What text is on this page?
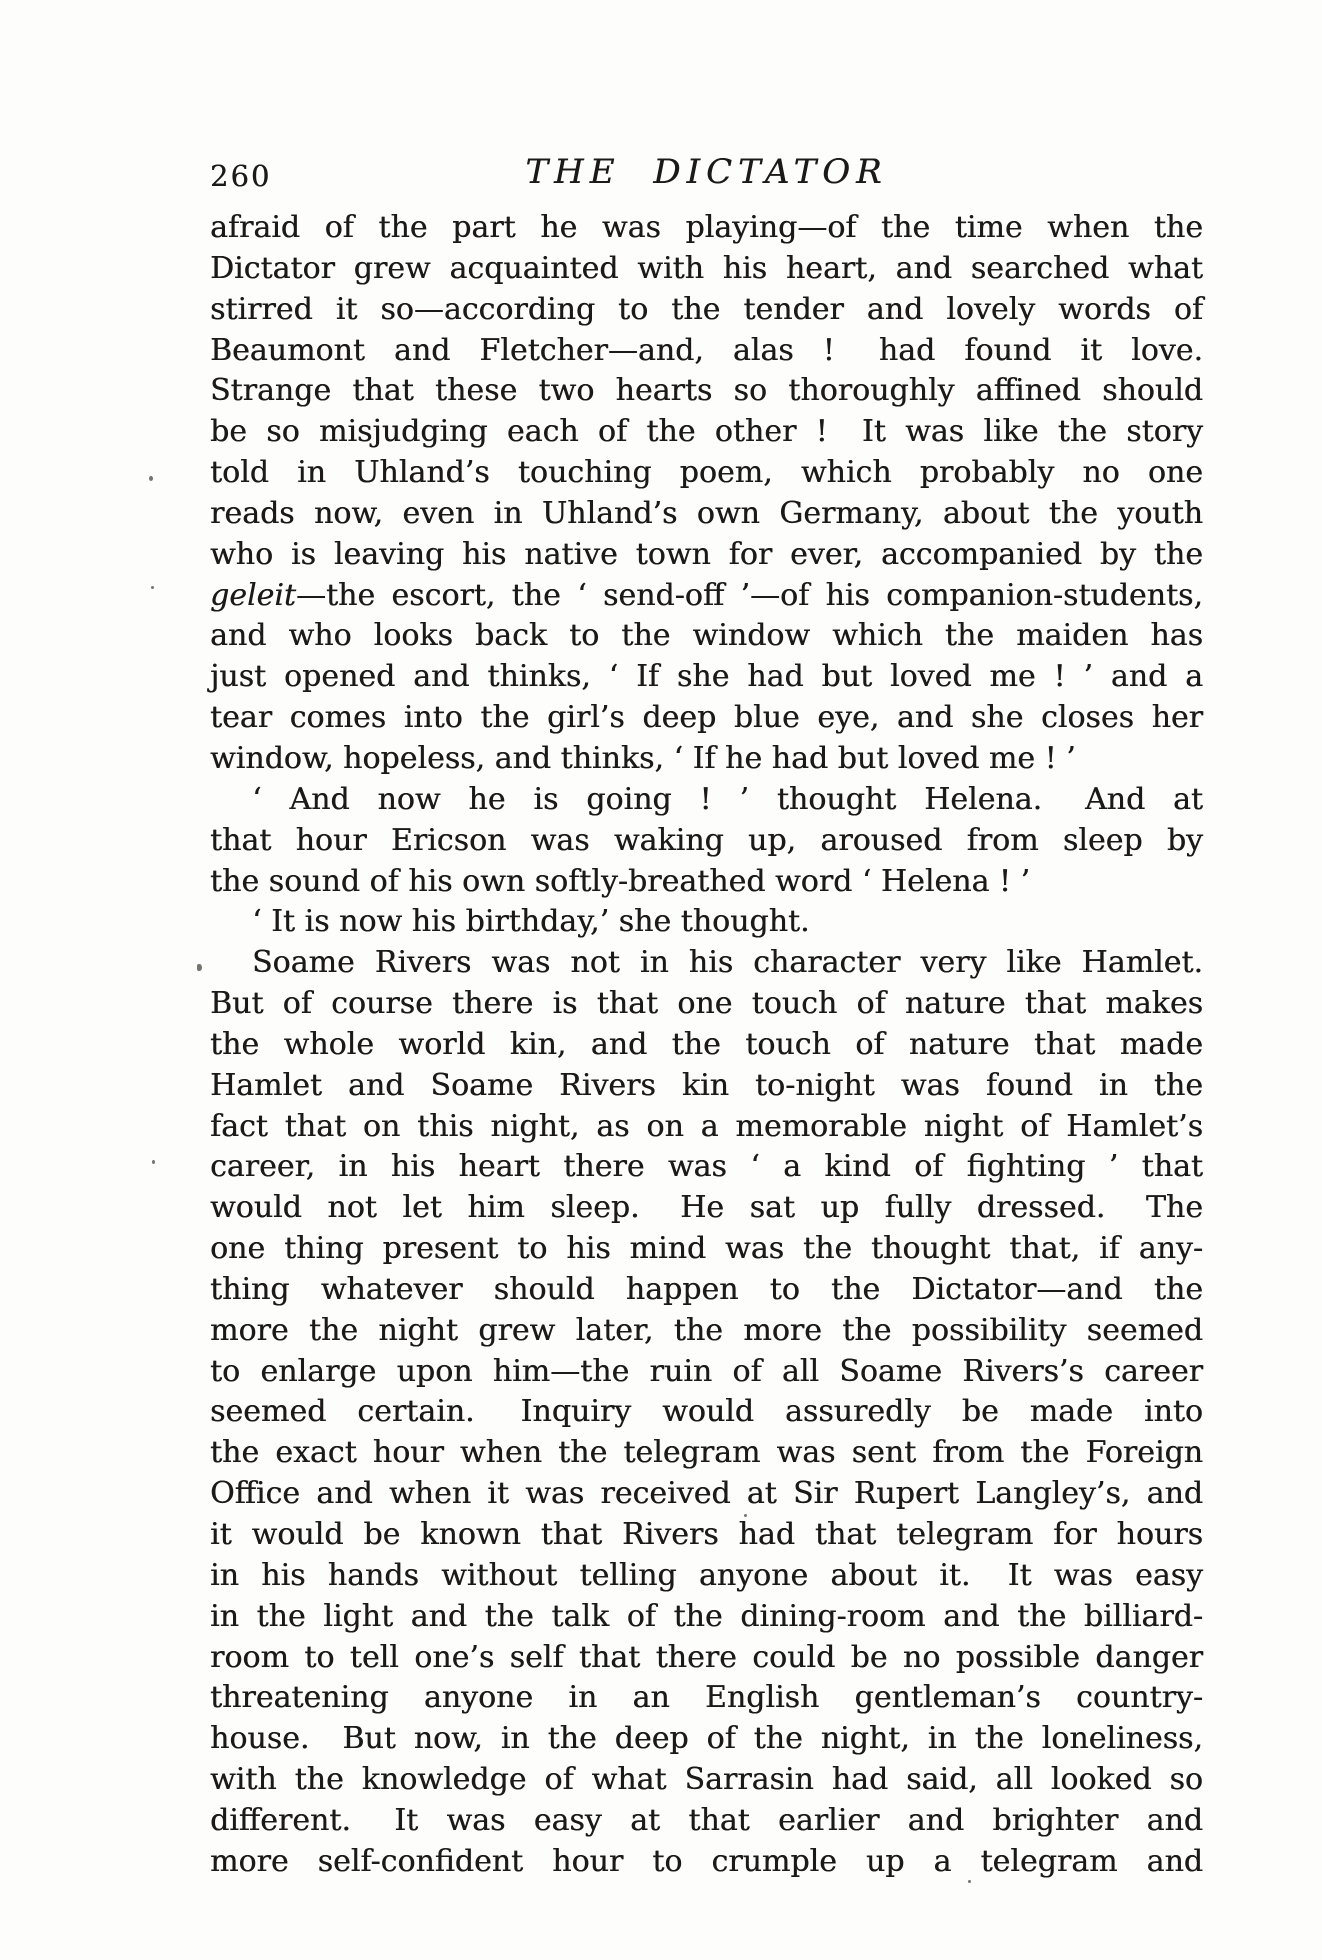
260	THE DICTATOR
afraid of the part he was playing—of the time when the
Dictator grew acquainted with his heart, and searched what
stirred it so—according to the tender and lovely words of
Beaumont and Fletcher—and, alas !  had found it love.
Strange that these two hearts so thoroughly affined should
be so misjudging each of the other !  It was like the story
told in Uhland’s touching poem, which probably no one
reads now, even in Uhland’s own Germany, about the youth
who is leaving his native town for ever, accompanied by the
geleit—the escort, the ‘ send-off ’—of his companion-students,
and who looks back to the window which the maiden has
just opened and thinks, ‘ If she had but loved me ! ’ and a
tear comes into the girl’s deep blue eye, and she closes her
window, hopeless, and thinks, ‘ If he had but loved me ! ’
‘ And now he is going ! ’ thought Helena.  And at
that hour Ericson was waking up, aroused from sleep by
the sound of his own softly-breathed word ‘ Helena ! ’
‘ It is now his birthday,’ she thought.
Soame Rivers was not in his character very like Hamlet.
But of course there is that one touch of nature that makes
the whole world kin, and the touch of nature that made
Hamlet and Soame Rivers kin to-night was found in the
fact that on this night, as on a memorable night of Hamlet’s
career, in his heart there was ‘ a kind of fighting ’ that
would not let him sleep.  He sat up fully dressed.  The
one thing present to his mind was the thought that, if any-
thing whatever should happen to the Dictator—and the
more the night grew later, the more the possibility seemed
to enlarge upon him—the ruin of all Soame Rivers’s career
seemed certain.  Inquiry would assuredly be made into
the exact hour when the telegram was sent from the Foreign
Office and when it was received at Sir Rupert Langley’s, and
it would be known that Rivers had that telegram for hours
in his hands without telling anyone about it.  It was easy
in the light and the talk of the dining-room and the billiard-
room to tell one’s self that there could be no possible danger
threatening anyone in an English gentleman’s country-
house.  But now, in the deep of the night, in the loneliness,
with the knowledge of what Sarrasin had said, all looked so
different.  It was easy at that earlier and brighter and
more self-confident hour to crumple up a telegram and
